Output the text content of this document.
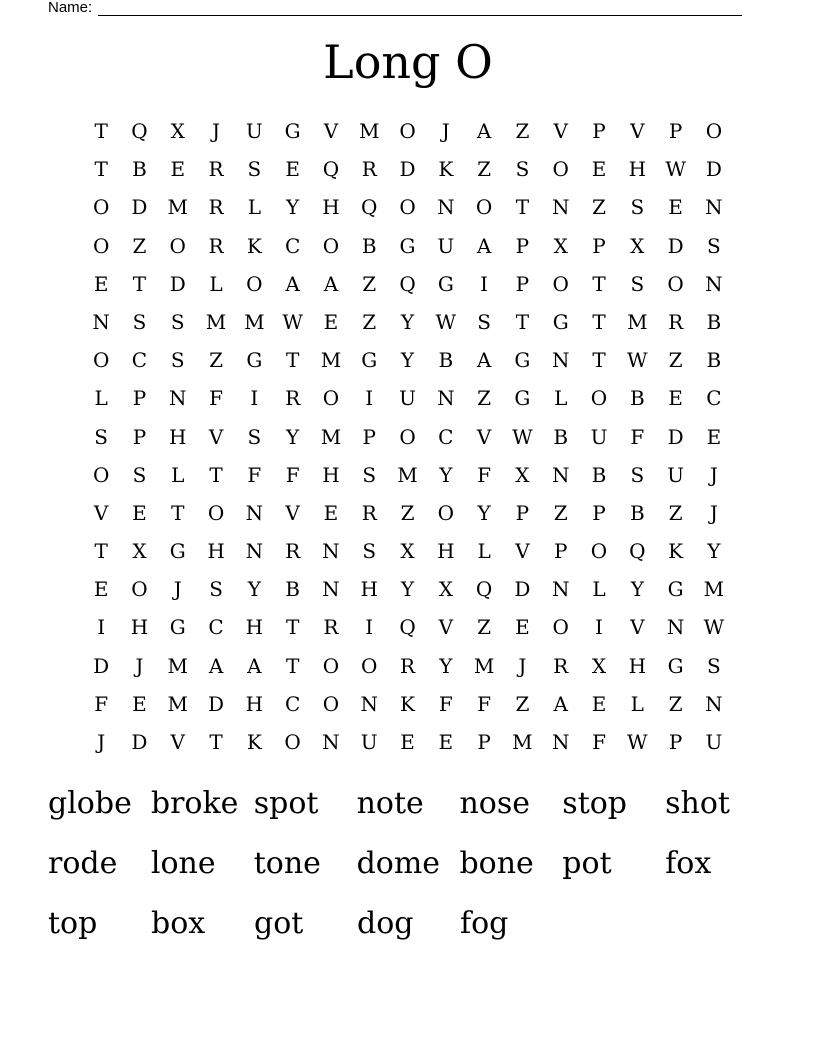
Name:
Long O
T	Q	X	J	U	G	V	M O	J	A	Z	V	P	V	P	O
T	B	E	R	S	E	Q	R	D	K	Z	S	O	E	H W	D
O	D	M	R	L	Y	H	Q	O	N	O	T	N	Z	S	E	N
O	Z	O	R	K	C	O	B	G	U	A	P	X	P	X	D	S
E	T	D	L	O	A	A	Z	Q	G	I	P	O	T	S	O	N
N	S	S	M M W	E	Z	Y	W	S	T	G	T	M	R	B
O	C	S	Z	G	T	M	G	Y	B	A	G	N	T	W	Z	B
L	P	N	F	I	R	O	I	U	N	Z	G	L	O	B	E	C
S	P	H	V	S	Y	M	P	O	C	V	W	B	U	F	D	E
O	S	L	T	F	F	H	S	M	Y	F	X	N	B	S	U	J
V	E	T	O	N	V	E	R	Z	O	Y	P	Z	P	B	Z	J
T	X	G	H	N	R	N	S	X	H	L	V	P	O	Q	K	Y
E	O	J	S	Y	B	N	H	Y	X	Q	D	N	L	Y	G	M
I	H	G	C	H	T	R	I	Q	V	Z	E	O	I	V	N W
D	J	M	A	A	T	O	O	R	Y	M	J	R	X	H	G	S
F	E	M	D	H	C	O	N	K	F	F	Z	A	E	L	Z	N
J	D	V	T	K	O	N	U	E	E	P	M N	F	W	P	U
globe broke spot	note	nose	stop	shot
rode	lone	tone	dome bone pot	fox
top	box	got	dog	fog
